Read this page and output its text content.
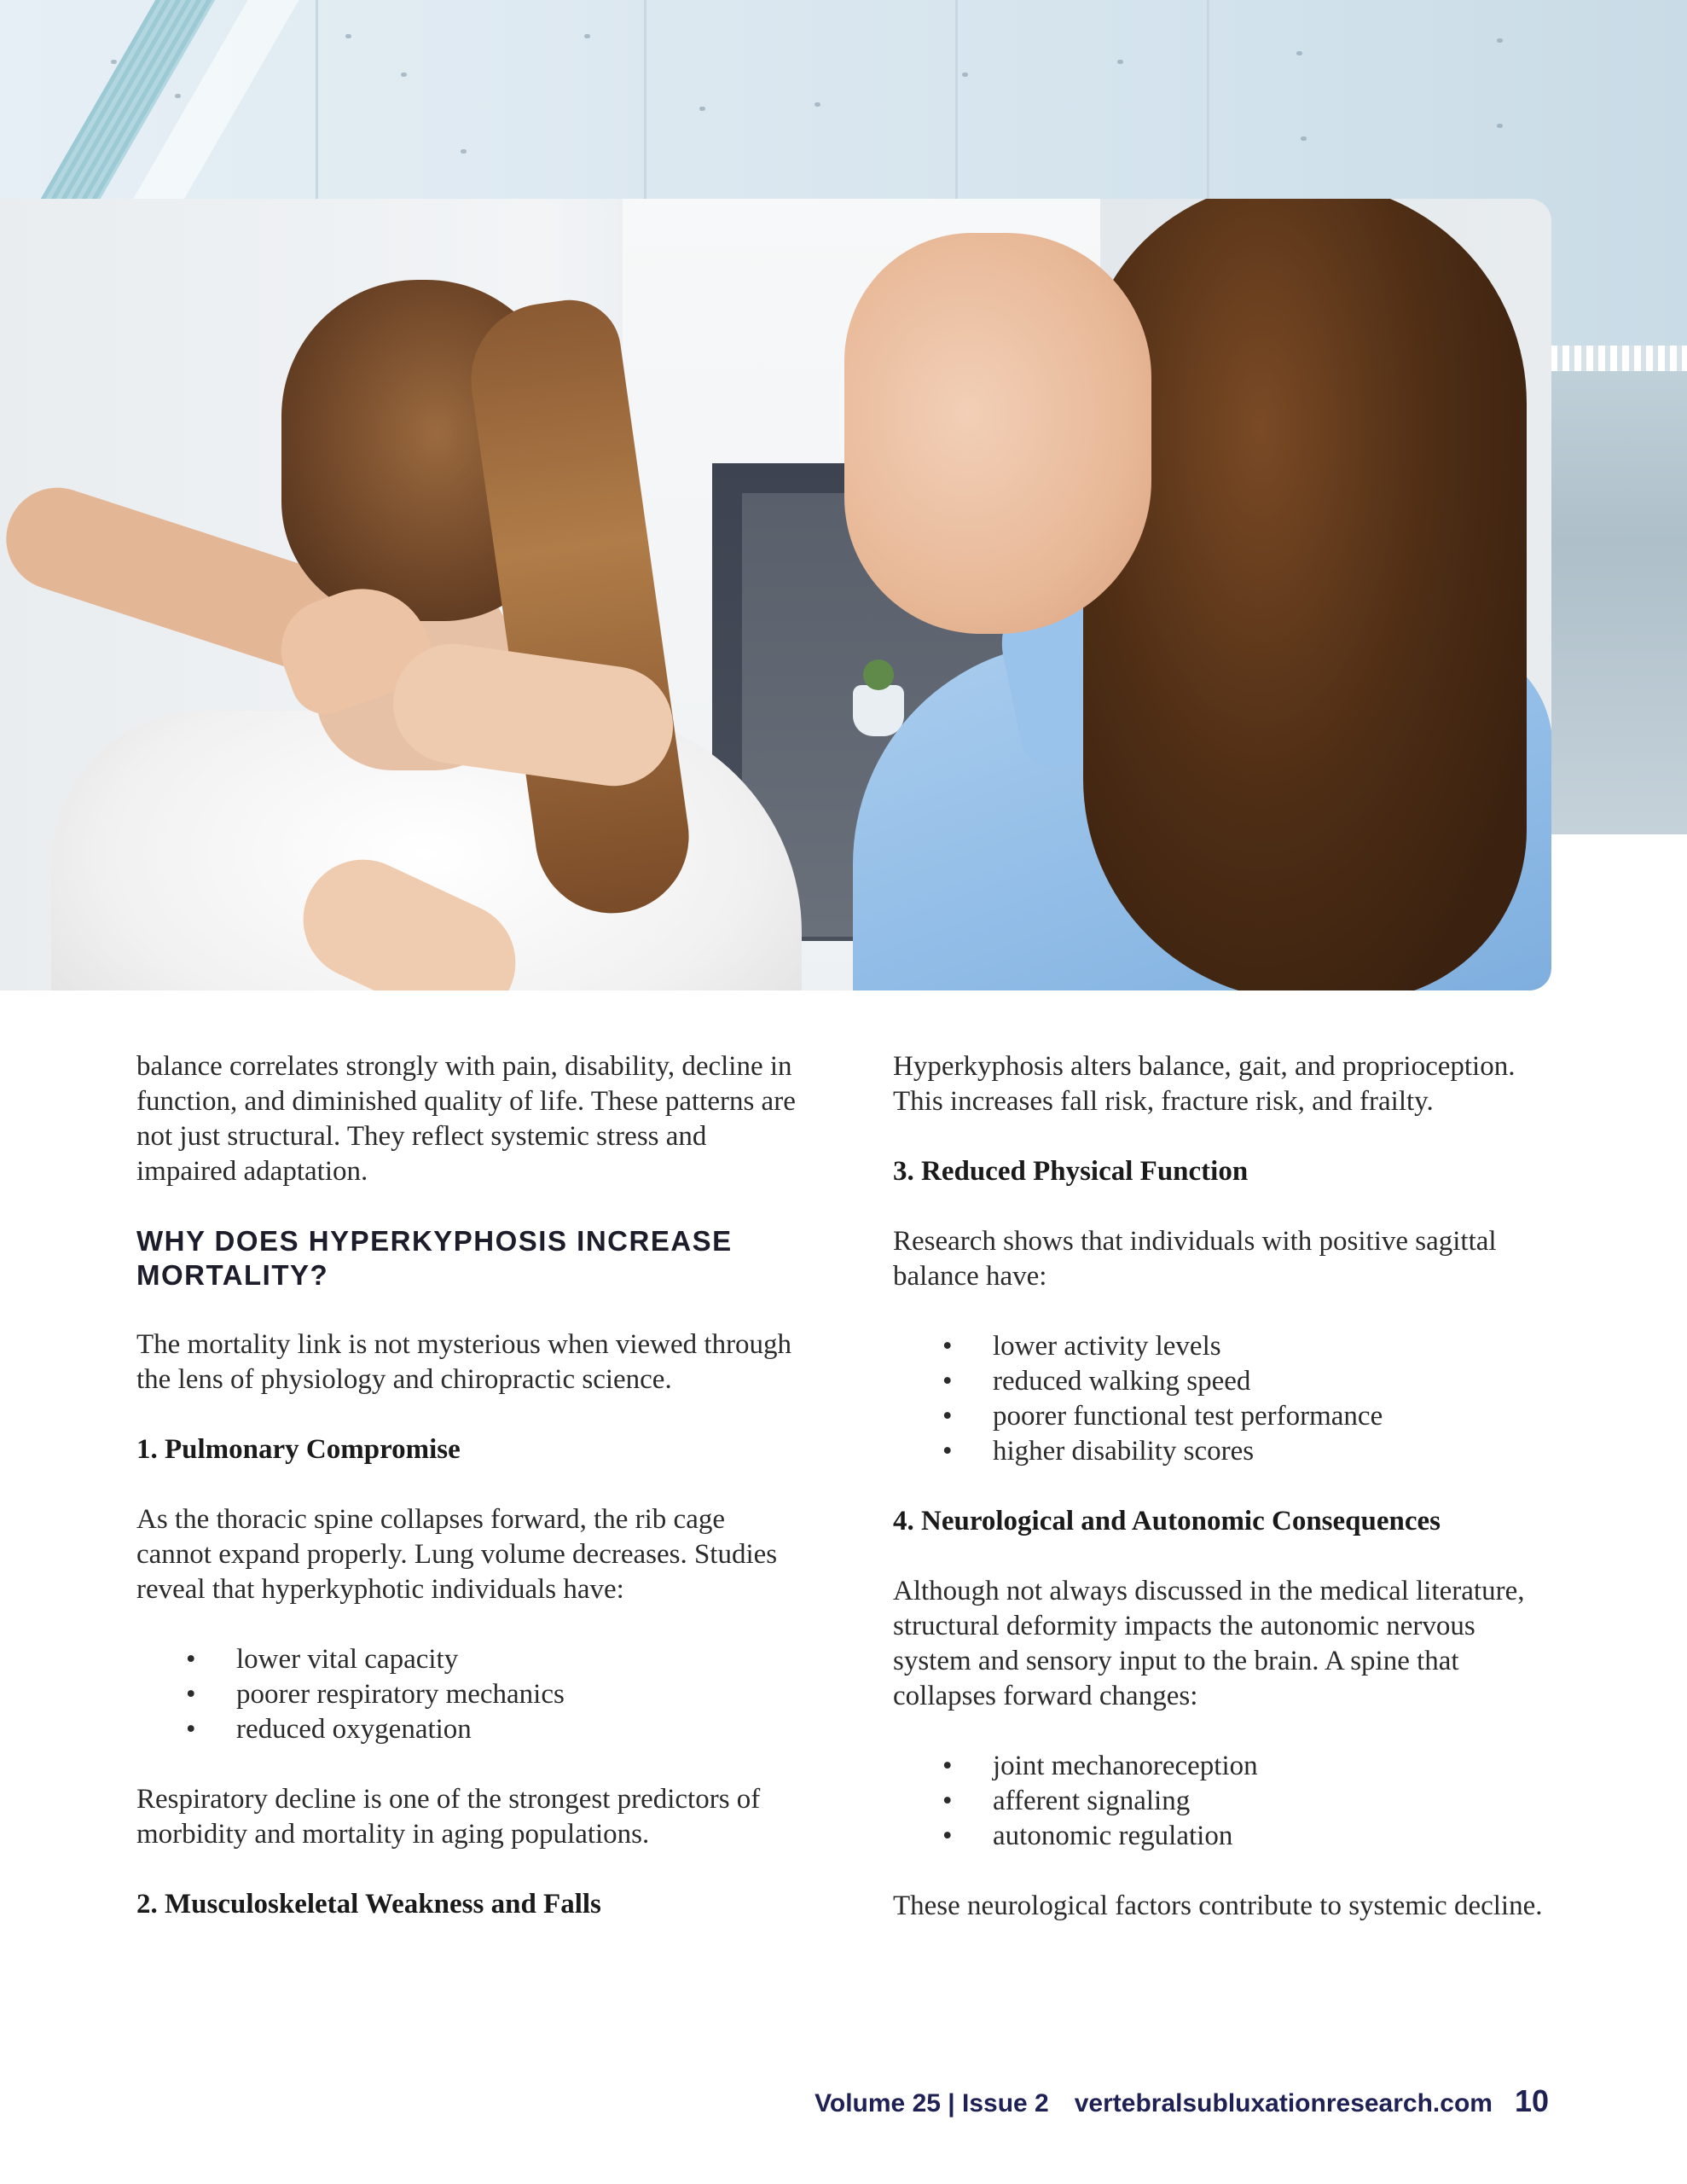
balance correlates strongly with pain, disability, decline in function, and diminished quality of life. These patterns are not just structural. They reflect systemic stress and impaired adaptation.

WHY DOES HYPERKYPHOSIS INCREASE MORTALITY?

The mortality link is not mysterious when viewed through the lens of physiology and chiropractic science.

1. Pulmonary Compromise

As the thoracic spine collapses forward, the rib cage cannot expand properly. Lung volume decreases. Studies reveal that hyperkyphotic individuals have:

• lower vital capacity
• poorer respiratory mechanics
• reduced oxygenation

Respiratory decline is one of the strongest predictors of morbidity and mortality in aging populations.

2. Musculoskeletal Weakness and Falls

Hyperkyphosis alters balance, gait, and proprioception. This increases fall risk, fracture risk, and frailty.

3. Reduced Physical Function

Research shows that individuals with positive sagittal balance have:

• lower activity levels
• reduced walking speed
• poorer functional test performance
• higher disability scores

4. Neurological and Autonomic Consequences

Although not always discussed in the medical literature, structural deformity impacts the autonomic nervous system and sensory input to the brain. A spine that collapses forward changes:

• joint mechanoreception
• afferent signaling
• autonomic regulation

These neurological factors contribute to systemic decline.

Volume 25 | Issue 2 vertebralsubluxationresearch.com 10
